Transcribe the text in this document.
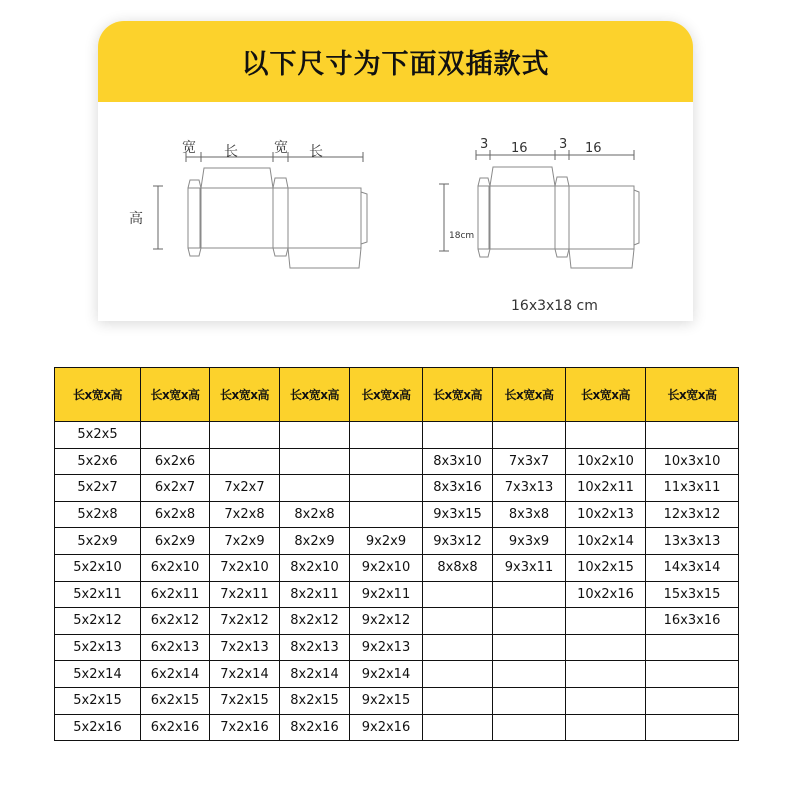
以下尺寸为下面双插款式
宽 长	宽 长
高
3 16 3 16
18cm
16x3x18 cm
长x宽x高	长x宽x高	长x宽x高	长x宽x高	长x宽x高	长x宽x高	长x宽x高	长x宽x高	长x宽x高
5x2x5								
5x2x6	6x2x6				8x3x10	7x3x7	10x2x10	10x3x10
5x2x7	6x2x7	7x2x7			8x3x16	7x3x13	10x2x11	11x3x11
5x2x8	6x2x8	7x2x8	8x2x8		9x3x15	8x3x8	10x2x13	12x3x12
5x2x9	6x2x9	7x2x9	8x2x9	9x2x9	9x3x12	9x3x9	10x2x14	13x3x13
5x2x10	6x2x10	7x2x10	8x2x10	9x2x10	8x8x8	9x3x11	10x2x15	14x3x14
5x2x11	6x2x11	7x2x11	8x2x11	9x2x11			10x2x16	15x3x15
5x2x12	6x2x12	7x2x12	8x2x12	9x2x12				16x3x16
5x2x13	6x2x13	7x2x13	8x2x13	9x2x13				
5x2x14	6x2x14	7x2x14	8x2x14	9x2x14				
5x2x15	6x2x15	7x2x15	8x2x15	9x2x15				
5x2x16	6x2x16	7x2x16	8x2x16	9x2x16				
